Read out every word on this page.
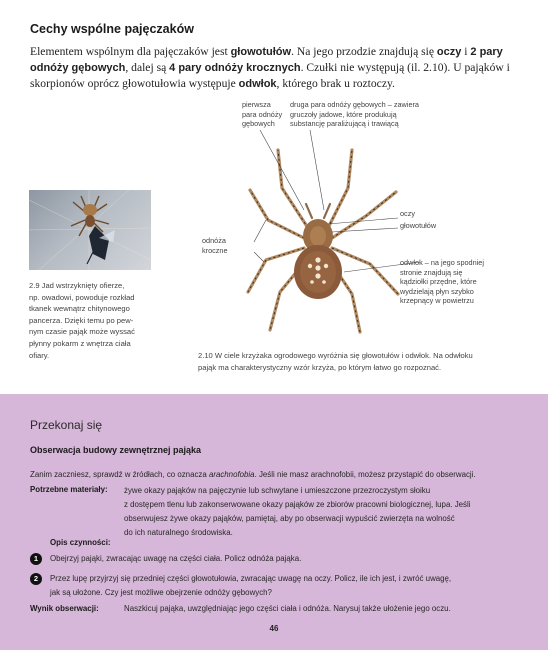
Cechy wspólne pajęczaków
Elementem wspólnym dla pajęczaków jest głowotułów. Na jego przodzie znajdują się oczy i 2 pary odnóży gębowych, dalej są 4 pary odnóży krocznych. Czułki nie występują (il. 2.10). U pająków i skorpionów oprócz głowotułowia występuje odwłok, którego brak u roztoczy.
2.9 Jad wstrzyknięty ofierze,
np. owadowi, powoduje rozkład
tkanek wewnątrz chitynowego
pancerza. Dzięki temu po pew-
nym czasie pająk może wyssać
płynny pokarm z wnętrza ciała
ofiary.
pierwsza
para odnóży
gębowych
druga para odnóży gębowych – zawiera
gruczoły jadowe, które produkują
substancję paraliżującą i trawiącą
oczy
głowotułów
odnóża
kroczne
odwłok – na jego spodniej
stronie znajdują się
kądziołki przędne, które
wydzielają płyn szybko
krzepnący w powietrzu
2.10 W ciele krzyżaka ogrodowego wyróżnia się głowotułów i odwłok. Na odwłoku
pająk ma charakterystyczny wzór krzyża, po którym łatwo go rozpoznać.
Przekonaj się
Obserwacja budowy zewnętrznej pająka
Zanim zaczniesz, sprawdź w źródłach, co oznacza arachnofobia. Jeśli nie masz arachnofobii, możesz przystąpić do obserwacji.
Potrzebne materiały: żywe okazy pająków na pajęczynie lub schwytane i umieszczone przezroczystym słoiku
z dostępem tlenu lub zakonserwowane okazy pająków ze zbiorów pracowni biologicznej, lupa. Jeśli
obserwujesz żywe okazy pająków, pamiętaj, aby po obserwacji wypuścić zwierzęta na wolność
do ich naturalnego środowiska.
Opis czynności:
1	Obejrzyj pająki, zwracając uwagę na części ciała. Policz odnóża pająka.
2	Przez lupę przyjrzyj się przedniej części głowotułowia, zwracając uwagę na oczy. Policz, ile ich jest, i zwróć uwagę,
jak są ułożone. Czy jest możliwe obejrzenie odnóży gębowych?
Wynik obserwacji:	Naszkicuj pająka, uwzględniając jego części ciała i odnóża. Narysuj także ułożenie jego oczu.
46
